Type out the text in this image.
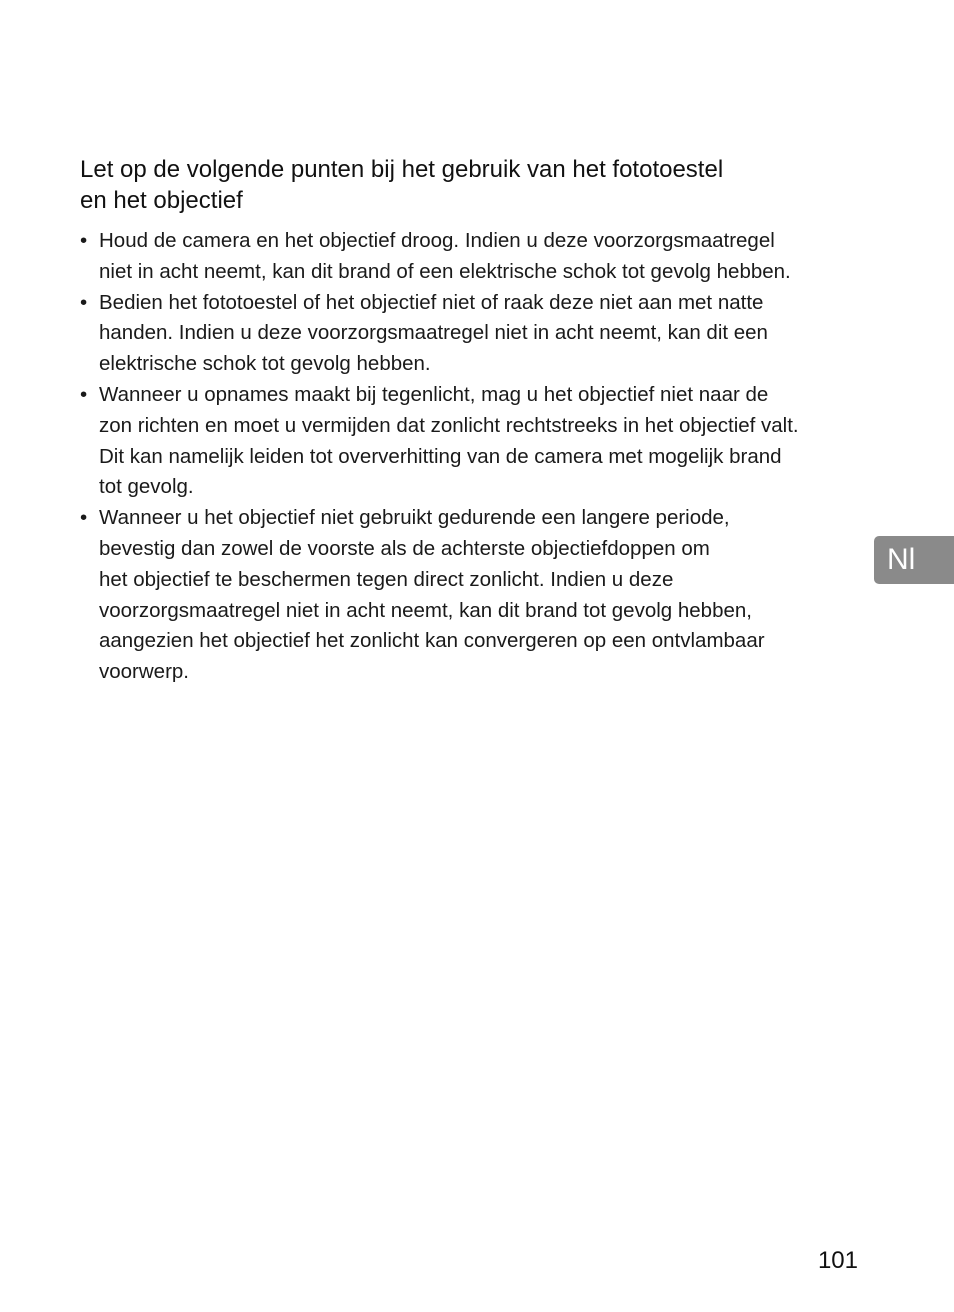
Let op de volgende punten bij het gebruik van het fototoestel
en het objectief
• Houd de camera en het objectief droog. Indien u deze voorzorgsmaatregel
niet in acht neemt, kan dit brand of een elektrische schok tot gevolg hebben.
• Bedien het fototoestel of het objectief niet of raak deze niet aan met natte
handen. Indien u deze voorzorgsmaatregel niet in acht neemt, kan dit een
elektrische schok tot gevolg hebben.
• Wanneer u opnames maakt bij tegenlicht, mag u het objectief niet naar de
zon richten en moet u vermijden dat zonlicht rechtstreeks in het objectief valt.
Dit kan namelijk leiden tot oververhitting van de camera met mogelijk brand
tot gevolg.
• Wanneer u het objectief niet gebruikt gedurende een langere periode,
bevestig dan zowel de voorste als de achterste objectiefdoppen om
het objectief te beschermen tegen direct zonlicht. Indien u deze
voorzorgsmaatregel niet in acht neemt, kan dit brand tot gevolg hebben,
aangezien het objectief het zonlicht kan convergeren op een ontvlambaar
voorwerp.
Nl
101
